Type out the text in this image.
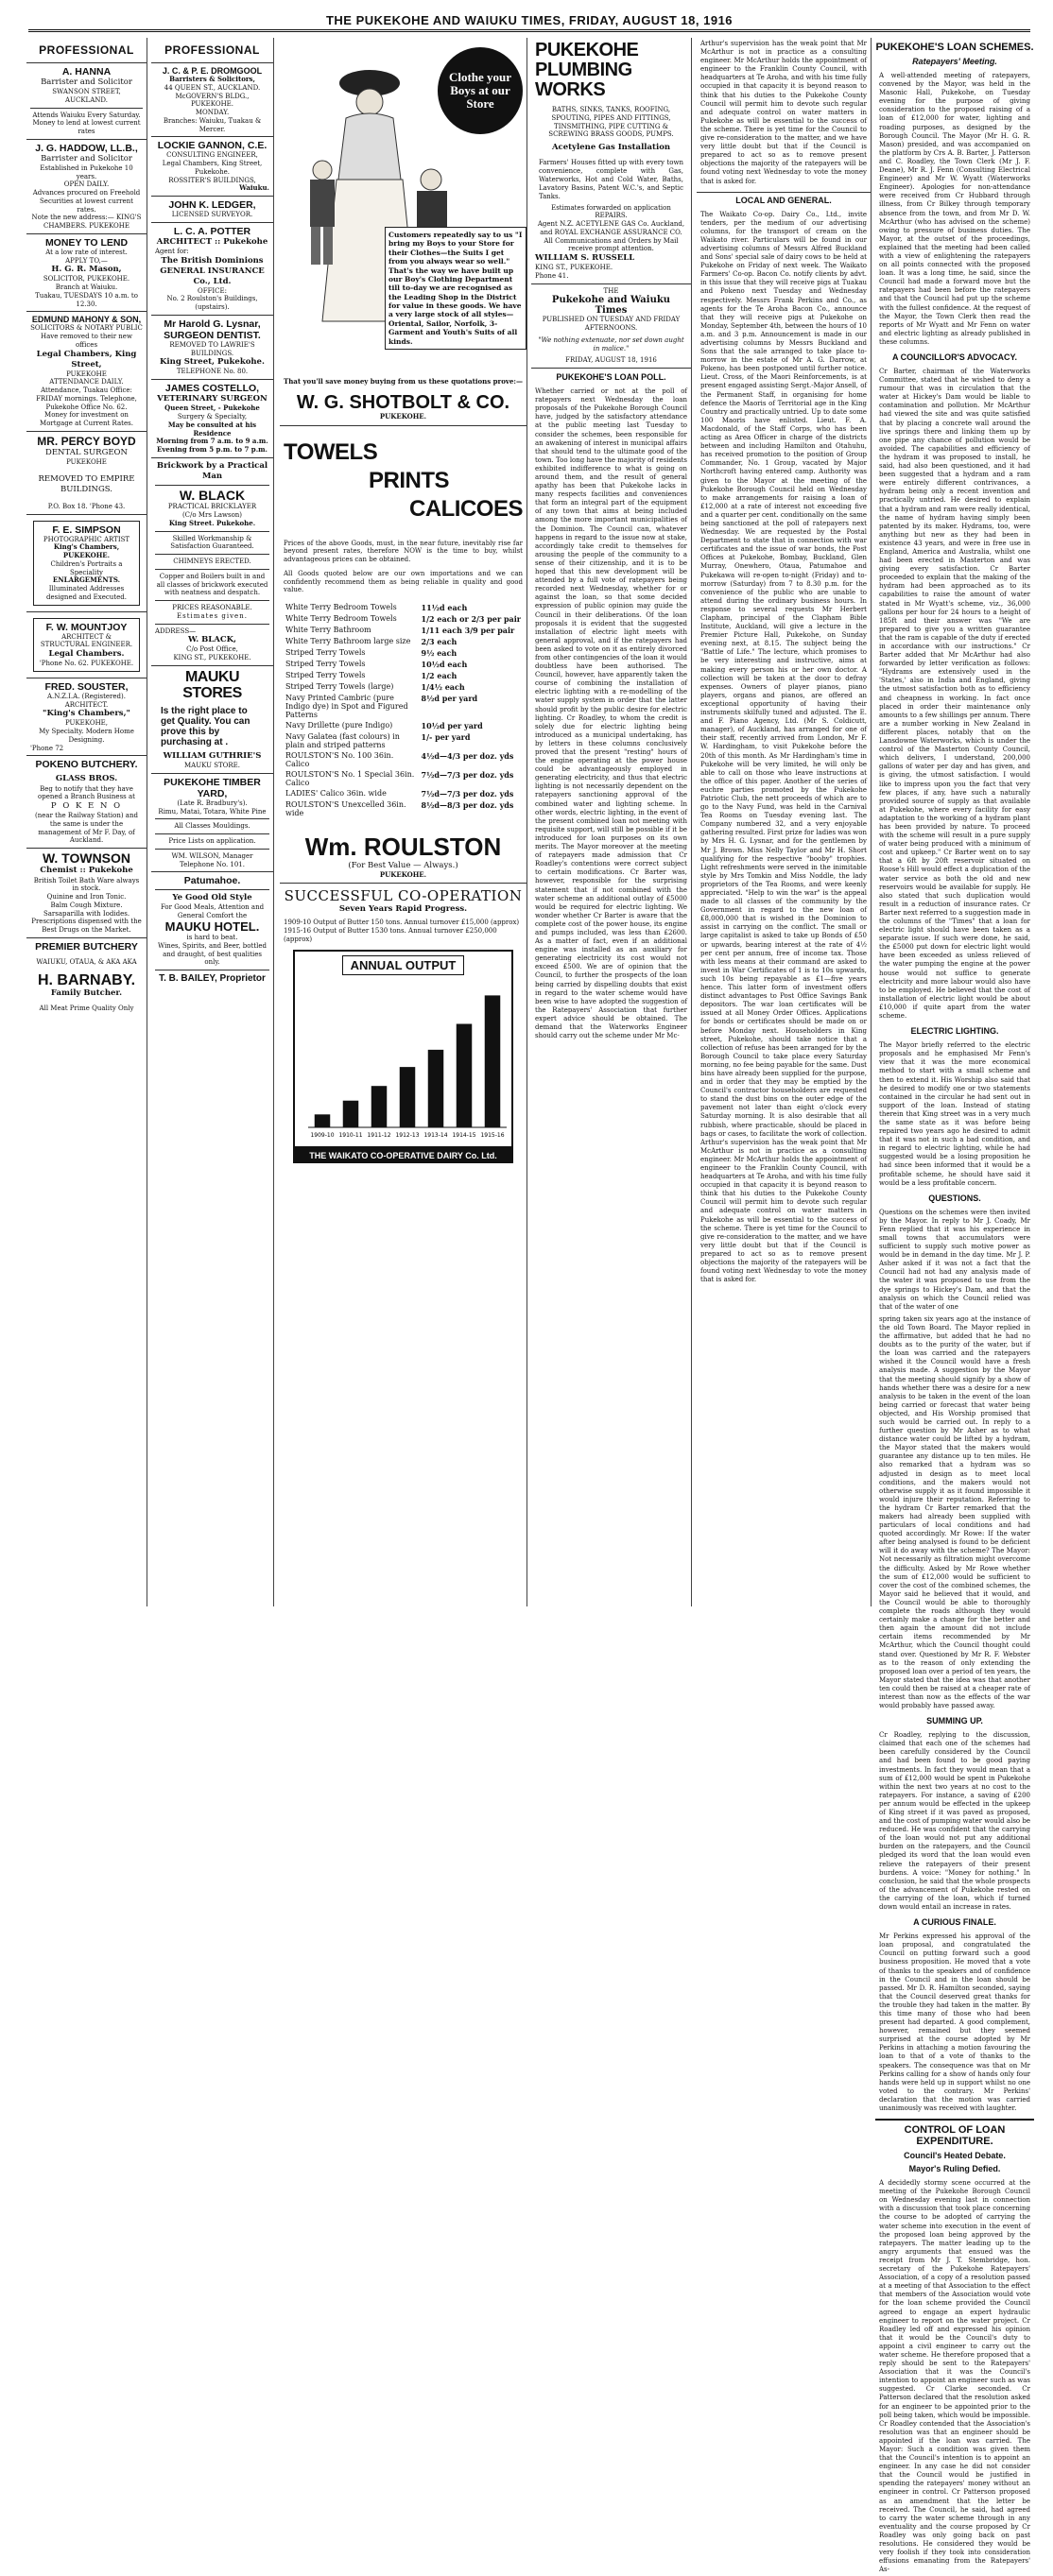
THE PUKEKOHE AND WAIUKU TIMES, FRIDAY, AUGUST 18, 1916
PROFESSIONAL
A. HANNA
Barrister and Solicitor
SWANSON STREET, AUCKLAND.
Attends Waiuku Every Saturday. Money to lend at lowest current rates
J. G. HADDOW, LL.B.,
Barrister and Solicitor
Established in Pukekohe 10 years.
OPEN DAILY.
Advances procured on Freehold Securities at lowest current rates.
Note the new address:— KING'S CHAMBERS. PUKEKOHE
MONEY TO LEND
At a low rate of interest.
APPLY TO,—
H. G. R. Mason,
SOLICITOR, PUKEKOHE.
Branch at Waiuku.
Tuakau, TUESDAYS 10 a.m. to 12.30.
EDMUND MAHONY & SON,
SOLICITORS & NOTARY PUBLIC
Have removed to their new offices
Legal Chambers, King Street,
PUKEKOHE
ATTENDANCE DAILY.
Attendance, Tuakau Office: FRIDAY mornings. Telephone, Pukekohe Office No. 62.
Money for investment on Mortgage at Current Rates.
MR. PERCY BOYD
DENTAL SURGEON
PUKEKOHE
REMOVED TO EMPIRE BUILDINGS.
P.O. Box 18. 'Phone 43.
F. E. SIMPSON
PHOTOGRAPHIC ARTIST
King's Chambers, PUKEKOHE.
Children's Portraits a Speciality
ENLARGEMENTS.
Illuminated Addresses designed and Executed.
F. W. MOUNTJOY
ARCHITECT & STRUCTURAL ENGINEER.
Legal Chambers.
'Phone No. 62. PUKEKOHE.
FRED. SOUSTER,
A.N.Z.I.A. (Registered).
ARCHITECT.
"King's Chambers,"
PUKEKOHE,
My Specialty. Modern Home Designing.
'Phone 72
POKENO BUTCHERY.
GLASS BROS.
Beg to notify that they have opened a Branch Business at
P O K E N O
(near the Railway Station) and the same is under the management of Mr F. Day, of Auckland.
W. TOWNSON
Chemist :: Pukekohe
British Toilet Bath Ware always in stock.
Quinine and Iron Tonic.
Balm Cough Mixture.
Sarsaparilla with Iodides.
Prescriptions dispensed with the Best Drugs on the Market.
PREMIER BUTCHERY
WAIUKU, OTAUA, & AKA AKA
H. BARNABY.
Family Butcher.
All Meat Prime Quality Only
PROFESSIONAL
J. C. & P. E. DROMGOOL
Barristers & Solicitors,
44 QUEEN ST., AUCKLAND.
McGOVERN'S BLDG., PUKEKOHE.
MONDAY.
Branches: Waiuku, Tuakau & Mercer.
LOCKIE GANNON, C.E.
CONSULTING ENGINEER,
Legal Chambers, King Street,
Pukekohe.
ROSSITER'S BUILDINGS,
Waiuku.
JOHN K. LEDGER,
LICENSED SURVEYOR.
L. C. A. POTTER
ARCHITECT :: Pukekohe
Agent for:
The British Dominions GENERAL INSURANCE Co., Ltd.
OFFICE:
No. 2 Roulston's Buildings, (upstairs).
Mr Harold G. Lysnar,
SURGEON DENTIST.
REMOVED TO LAWRIE'S BUILDINGS.
King Street, Pukekohe.
TELEPHONE No. 80.
JAMES COSTELLO,
VETERINARY SURGEON
Queen Street, - Pukekohe
Surgery & Specialty,
May be consulted at his Residence
Morning from 7 a.m. to 9 a.m.
Evening from 5 p.m. to 7 p.m.
Brickwork by a Practical Man
W. BLACK
PRACTICAL BRICKLAYER
(C/o Mrs Lawson)
King Street. Pukekohe.
Skilled Workmanship & Satisfaction Guaranteed.
CHIMNEYS ERECTED.
Copper and Boilers built in and all classes of brickwork executed with neatness and despatch.
PRICES REASONABLE.
Estimates given.
ADDRESS—
W. BLACK,
C/o Post Office,
KING ST., PUKEKOHE.
MAUKU STORES
Is the right place to get Quality. You can prove this by purchasing at .
WILLIAM GUTHRIE'S
MAUKU STORE.
PUKEKOHE TIMBER YARD,
(Late R. Bradbury's).
Rimu, Matai, Totara, White Pine
All Classes Mouldings.
Price Lists on application.
WM. WILSON, Manager
Telephone No. 101.
Patumahoe.
Ye Good Old Style
For Good Meals, Attention and General Comfort the
MAUKU HOTEL.
is hard to beat.
Wines, Spirits, and Beer, bottled and draught, of best qualities only.
T. B. BAILEY, Proprietor
Clothe your Boys at our Store
Customers repeatedly say to us "I bring my Boys to your Store for their Clothes—the Suits I get from you always wear so well." That's the way we have built up our Boy's Clothing Department till to-day we are recognised as the Leading Shop in the District for value in these goods. We have a very large stock of all styles—Oriental, Sailor, Norfolk, 3-Garment and Youth's Suits of all kinds.
That you'll save money buying from us these quotations prove:—
W. G. SHOTBOLT & CO.
PUKEKOHE.
TOWELS
PRINTS
CALICOES
Prices of the above Goods, must, in the near future, inevitably rise far beyond present rates, therefore NOW is the time to buy, whilst advantageous prices can be obtained.
All Goods quoted below are our own importations and we can confidently recommend them as being reliable in quality and good value.
White Terry Bedroom Towels	11½d each
White Terry Bedroom Towels	1/2 each or 2/3 per pair
White Terry Bathroom	1/11 each 3/9 per pair
White Terry Bathroom large size	2/3 each
Striped Terry Towels	9½ each
Striped Terry Towels	10½d each
Striped Terry Towels	1/2 each
Striped Terry Towels (large)	1/4½ each
Navy Printed Cambric (pure Indigo dye) in Spot and Figured Patterns	8½d per yard
Navy Drillette (pure Indigo)	10½d per yard
Navy Galatea (fast colours) in plain and striped patterns	1/- per yard
ROULSTON'S No. 100 36in. Calico	4½d—4/3 per doz. yds
ROULSTON'S No. 1 Special 36in. Calico	7½d—7/3 per doz. yds
LADIES' Calico 36in. wide	7½d—7/3 per doz. yds
ROULSTON'S Unexcelled 36in. wide	8½d—8/3 per doz. yds
Wm. ROULSTON
(For Best Value — Always.)
PUKEKOHE.
SUCCESSFUL CO-OPERATION
Seven Years Rapid Progress.
1909-10 Output of Butter 150 tons. Annual turnover £15,000 (approx)
1915-16 Output of Butter 1530 tons. Annual turnover £250,000 (approx)
ANNUAL OUTPUT
1909-10 1910-11 1911-12 1912-13 1913-14 1914-15 1915-16
THE WAIKATO CO-OPERATIVE DAIRY Co. Ltd.
PUKEKOHE PLUMBING WORKS
BATHS, SINKS, TANKS, ROOFING, SPOUTING, PIPES AND FITTINGS, TINSMITHING, PIPE CUTTING & SCREWING BRASS GOODS, PUMPS.
Acetylene Gas Installation
Farmers' Houses fitted up with every town convenience, complete with Gas, Waterworks, Hot and Cold Water, Baths, Lavatory Basins, Patent W.C.'s, and Septic Tanks.
Estimates forwarded on application REPAIRS.
Agent N.Z. ACETYLENE GAS Co. Auckland, and ROYAL EXCHANGE ASSURANCE CO.
All Communications and Orders by Mail receive prompt attention.
WILLIAM S. RUSSELL
KING ST., PUKEKOHE.
Phone 41.
THE
Pukekohe and Waiuku Times
PUBLISHED ON TUESDAY AND FRIDAY AFTERNOONS.
"We nothing extenuate, nor set down aught in malice."
FRIDAY, AUGUST 18, 1916
PUKEKOHE'S LOAN POLL.
Whether carried or not at the poll of ratepayers next Wednesday the loan proposals of the Pukekohe Borough Council have, judged by the satisfactory attendance at the public meeting last Tuesday to consider the schemes, been responsible for an awakening of interest in municipal affairs that should tend to the ultimate good of the town. Too long have the majority of residents exhibited indifference to what is going on around them, and the result of general apathy has been that Pukekohe lacks in many respects facilities and conveniences that form an integral part of the equipment of any town that aims at being included among the more important municipalities of the Dominion. The Council can, whatever happens in regard to the issue now at stake, accordingly take credit to themselves for arousing the people of the community to a sense of their citizenship, and it is to be hoped that this new development will be attended by a full vote of ratepayers being recorded next Wednesday, whether for or against the loan, so that some decided expression of public opinion may guide the Council in their deliberations. Of the loan proposals it is evident that the suggested installation of electric light meets with general approval, and if the ratepayers had been asked to vote on it as entirely divorced from other contingencies of the loan it would doubtless have been authorised. The Council, however, have apparently taken the course of combining the installation of electric lighting with a re-modelling of the water supply system in order that the latter should profit by the public desire for electric lighting. Cr Roadley, to whom the credit is solely due for electric lighting being introduced as a municipal undertaking, has by letters in these columns conclusively proved that the present "resting" hours of the engine operating at the power house could be advantageously employed in generating electricity, and thus that electric lighting is not necessarily dependent on the ratepayers sanctioning approval of the combined water and lighting scheme. In other words, electric lighting, in the event of the present combined loan not meeting with requisite support, will still be possible if it be introduced for loan purposes on its own merits. The Mayor moreover at the meeting of ratepayers made admission that Cr Roadley's contentions were correct subject to certain modifications. Cr Barter was, however, responsible for the surprising statement that if not combined with the water scheme an additional outlay of £5000 would be required for electric lighting. We wonder whether Cr Barter is aware that the complete cost of the power house, its engine and pumps included, was less than £2600. As a matter of fact, even if an additional engine was installed as an auxiliary for generating electricity its cost would not exceed £500. We are of opinion that the Council, to further the prospects of the loan being carried by dispelling doubts that exist in regard to the water scheme would have been wise to have adopted the suggestion of the Ratepayers' Association that further expert advice should be obtained. The demand that the Waterworks Engineer should carry out the scheme under Mr Mc-
Arthur's supervision has the weak point that Mr McArthur is not in practice as a consulting engineer. Mr McArthur holds the appointment of engineer to the Franklin County Council, with headquarters at Te Aroha, and with his time fully occupied in that capacity it is beyond reason to think that his duties to the Pukekohe County Council will permit him to devote such regular and adequate control on water matters in Pukekohe as will be essential to the success of the scheme. There is yet time for the Council to give re-consideration to the matter, and we have very little doubt but that if the Council is prepared to act so as to remove present objections the majority of the ratepayers will be found voting next Wednesday to vote the money that is asked for.
LOCAL AND GENERAL.
The Waikato Co-op. Dairy Co., Ltd., invite tenders, per the medium of our advertising columns, for the transport of cream on the Waikato river. Particulars will be found in our advertising columns of Messrs Alfred Buckland and Sons' special sale of dairy cows to be held at Pukekohe on Friday of next week. The Waikato Farmers' Co-op. Bacon Co. notify clients by advt. in this issue that they will receive pigs at Tuakau and Pokeno next Tuesday and Wednesday respectively. Messrs Frank Perkins and Co., as agents for the Te Aroha Bacon Co., announce that they will receive pigs at Pukekohe on Monday, September 4th, between the hours of 10 a.m. and 3 p.m. Announcement is made in our advertising columns by Messrs Buckland and Sons that the sale arranged to take place to-morrow in the estate of Mr A. G. Darrow, at Pokeno, has been postponed until further notice. Lieut. Cross, of the Maori Reinforcements, is at present engaged assisting Sergt.-Major Ansell, of the Permanent Staff, in organising for home defence the Maoris of Territorial age in the King Country and practically untried. Up to date some 100 Maoris have enlisted. Lieut. F. A. Macdonald, of the Staff Corps, who has been acting as Area Officer in charge of the districts between and including Hamilton and Otahuhu, has received promotion to the position of Group Commander, No. 1 Group, vacated by Major Northcroft having entered camp. Authority was given to the Mayor at the meeting of the Pukekohe Borough Council held on Wednesday to make arrangements for raising a loan of £12,000 at a rate of interest not exceeding five and a quarter per cent. conditionally on the same being sanctioned at the poll of ratepayers next Wednesday. We are requested by the Postal Department to state that in connection with war certificates and the issue of war bonds, the Post Offices at Pukekohe, Bombay, Buckland, Glen Murray, Onewhero, Otaua, Patumahoe and Pukekawa will re-open to-night (Friday) and to-morrow (Saturday) from 7 to 8.30 p.m. for the convenience of the public who are unable to attend during the ordinary business hours. In response to several requests Mr Herbert Clapham, principal of the Clapham Bible Institute, Auckland, will give a lecture in the Premier Picture Hall, Pukekohe, on Sunday evening next, at 8.15. The subject being the "Battle of Life." The lecture, which promises to be very interesting and instructive, aims at making every person his or her own doctor. A collection will be taken at the door to defray expenses. Owners of player pianos, piano players, organs and pianos, are offered an exceptional opportunity of having their instruments skilfully tuned and adjusted. The E. and F. Piano Agency, Ltd. (Mr S. Coldicutt, manager), of Auckland, has arranged for one of their staff, recently arrived from London, Mr F. W. Hardingham, to visit Pukekohe before the 20th of this month. As Mr Hardingham's time in Pukekohe will be very limited, he will only be able to call on those who leave instructions at the office of this paper. Another of the series of euchre parties promoted by the Pukekohe Patriotic Club, the nett proceeds of which are to go to the Navy Fund, was held in the Carnival Tea Rooms on Tuesday evening last. The Company numbered 32, and a very enjoyable gathering resulted. First prize for ladies was won by Mrs H. G. Lysnar, and for the gentlemen by Mr J. Brown. Miss Nelly Taylor and Mr H. Short qualifying for the respective "booby" trophies. Light refreshments were served in the inimitable style by Mrs Tomkin and Miss Noddle, the lady proprietors of the Tea Rooms, and were keenly appreciated. "Help to win the war" is the appeal made to all classes of the community by the Government in regard to the new loan of £8,000,000 that is wished in the Dominion to assist in carrying on the conflict. The small or large capitalist is asked to take up Bonds of £50 or upwards, bearing interest at the rate of 4½ per cent per annum, free of income tax. Those with less means at their command are asked to invest in War Certificates of 1 is to 10s upwards, such 10s being repayable as £1—five years hence. This latter form of investment offers distinct advantages to Post Office Savings Bank depositors. The war loan certificates will be issued at all Money Order Offices. Applications for bonds or certificates should be made on or before Monday next. Householders in King street, Pukekohe, should take notice that a collection of refuse has been arranged for by the Borough Council to take place every Saturday morning, no fee being payable for the same. Dust bins have already been supplied for the purpose, and in order that they may be emptied by the Council's contractor householders are requested to stand the dust bins on the outer edge of the pavement not later than eight o'clock every Saturday morning. It is also desirable that all rubbish, where practicable, should be placed in bags or cases, to facilitate the work of collection. Arthur's supervision has the weak point that Mr McArthur is not in practice as a consulting engineer. Mr McArthur holds the appointment of engineer to the Franklin County Council, with headquarters at Te Aroha, and with his time fully occupied in that capacity it is beyond reason to think that his duties to the Pukekohe County Council will permit him to devote such regular and adequate control on water matters in Pukekohe as will be essential to the success of the scheme. There is yet time for the Council to give re-consideration to the matter, and we have very little doubt but that if the Council is prepared to act so as to remove present objections the majority of the ratepayers will be found voting next Wednesday to vote the money that is asked for.
PUKEKOHE'S LOAN SCHEMES.
Ratepayers' Meeting.
A well-attended meeting of ratepayers, convened by the Mayor, was held in the Masonic Hall, Pukekohe, on Tuesday evening for the purpose of giving consideration to the proposed raising of a loan of £12,000 for water, lighting and roading purposes, as designed by the Borough Council. The Mayor (Mr H. G. R. Mason) presided, and was accompanied on the platform by Crs A. B. Barter, J. Patterson and C. Roadley, the Town Clerk (Mr J. F. Deane), Mr R. J. Fenn (Consulting Electrical Engineer) and Mr W. Wyatt (Waterworks Engineer). Apologies for non-attendance were received from Cr Hubbard through illness, from Cr Bilkey through temporary absence from the town, and from Mr D. W. McArthur (who has advised on the scheme) owing to pressure of business duties. The Mayor, at the outset of the proceedings, explained that the meeting had been called with a view of enlightening the ratepayers on all points connected with the proposed loan. It was a long time, he said, since the Council had made a forward move but the ratepayers had been before the ratepayers and that the Council had put up the scheme with the fullest confidence. At the request of the Mayor, the Town Clerk then read the reports of Mr Wyatt and Mr Fenn on water and electric lighting as already published in these columns.
A COUNCILLOR'S ADVOCACY.
Cr Barter, chairman of the Waterworks Committee, stated that he wished to deny a rumour that was in circulation that the water at Hickey's Dam would be liable to contamination and pollution. Mr McArthur had viewed the site and was quite satisfied that by placing a concrete wall around the live springs there and linking them up by one pipe any chance of pollution would be avoided. The capabilities and efficiency of the hydram it was proposed to install, he said, had also been questioned, and it had been suggested that a hydram and a ram were entirely different contrivances, a hydram being only a recent invention and practically untried. He desired to explain that a hydram and ram were really identical, the name of hydram having simply been patented by its maker. Hydrams, too, were anything but new as they had been in existence 43 years, and were in free use in England, America and Australia, whilst one had been erected in Masterton and was giving every satisfaction. Cr Barter proceeded to explain that the making of the hydram had been approached as to its capabilities to raise the amount of water stated in Mr Wyatt's scheme, viz., 36,000 gallons per hour for 24 hours to a height of 185ft and their answer was "We are prepared to give you a written guarantee that the ram is capable of the duty if erected in accordance with our instructions." Cr Barter added that Mr McArthur had also forwarded by letter verification as follows: "Hydrams are extensively used in the 'States,' also in India and England, giving the utmost satisfaction both as to efficiency and cheapness in working. In fact once placed in order their maintenance only amounts to a few shillings per annum. There are a number working in New Zealand in different places, notably that on the Lansdowne Waterworks, which is under the control of the Masterton County Council, which delivers, I understand, 200,000 gallons of water per day and has given, and is giving, the utmost satisfaction. I would like to impress upon you the fact that very few places, if any, have such a naturally provided source of supply as that available at Pukekohe, where every facility for easy adaptation to the working of a hydram plant has been provided by nature. To proceed with the scheme will result in a pure supply of water being produced with a minimum of cost and upkeep." Cr Barter went on to say that a 6ft by 20ft reservoir situated on Roose's Hill would effect a duplication of the water service as both the old and new reservoirs would be available for supply. He also stated that such duplication would result in a reduction of insurance rates. Cr Barter next referred to a suggestion made in the columns of the "Times" that a loan for electric light should have been taken as a separate issue. If such were done, he said, the £5000 put down for electric light would have been exceeded as unless relieved of the water pumping the engine at the power house would not suffice to generate electricity and more labour would also have to be employed. He believed that the cost of installation of electric light would be about £10,000 if quite apart from the water scheme.
ELECTRIC LIGHTING.
The Mayor briefly referred to the electric proposals and he emphasised Mr Fenn's view that it was the more economical method to start with a small scheme and then to extend it. His Worship also said that he desired to modify one or two statements contained in the circular he had sent out in support of the loan. Instead of stating therein that King street was in a very much the same state as it was before being repaired two years ago he desired to admit that it was not in such a bad condition, and in regard to electric lighting, while he had suggested would be a losing proposition he had since been informed that it would be a profitable scheme, he should have said it would be a less profitable concern.
QUESTIONS.
Questions on the schemes were then invited by the Mayor. In reply to Mr J. Coady, Mr Fenn replied that it was his experience in small towns that accumulators were sufficient to supply such motive power as would be in demand in the day time. Mr J. P. Asher asked if it was not a fact that the Council had not had any analysis made of the water it was proposed to use from the dye springs to Hickey's Dam, and that the analysis on which the Council relied was that of the water of one
spring taken six years ago at the instance of the old Town Board. The Mayor replied in the affirmative, but added that he had no doubts as to the purity of the water, but if the loan was carried and the ratepayers wished it the Council would have a fresh analysis made. A suggestion by the Mayor that the meeting should signify by a show of hands whether there was a desire for a new analysis to be taken in the event of the loan being carried or forecast that water being objected, and His Worship promised that such would be carried out. In reply to a further question by Mr Asher as to what distance water could be lifted by a hydram, the Mayor stated that the makers would guarantee any distance up to ten miles. He also remarked that a hydram was so adjusted in design as to meet local conditions, and the makers would not otherwise supply it as it found impossible it would injure their reputation. Referring to the hydram Cr Barter remarked that the makers had already been supplied with particulars of local conditions and had quoted accordingly. Mr Rowe: If the water after being analysed is found to be deficient will it do away with the scheme? The Mayor: Not necessarily as filtration might overcome the difficulty. Asked by Mr Rowe whether the sum of £12,000 would be sufficient to cover the cost of the combined schemes, the Mayor said he believed that it would, and the Council would be able to thoroughly complete the roads although they would certainly make a change for the better and then again the amount did not include certain items recommended by Mr McArthur, which the Council thought could stand over. Questioned by Mr R. F. Webster as to the reason of only extending the proposed loan over a period of ten years, the Mayor stated that the idea was that another ten could then be raised at a cheaper rate of interest than now as the effects of the war would probably have passed away.
SUMMING UP.
Cr Roadley, replying to the discussion, claimed that each one of the schemes had been carefully considered by the Council and had been found to be good paying investments. In fact they would mean that a sum of £12,000 would be spent in Pukekohe within the next two years at no cost to the ratepayers. For instance, a saving of £200 per annum would be effected in the upkeep of King street if it was paved as proposed, and the cost of pumping water would also be reduced. He was confident that the carrying of the loan would not put any additional burden on the ratepayers, and the Council pledged its word that the loan would even relieve the ratepayers of their present burdens. A voice: "Money for nothing." In conclusion, he said that the whole prospects of the advancement of Pukekohe rested on the carrying of the loan, which if turned down would entail an increase in rates.
A CURIOUS FINALE.
Mr Perkins expressed his approval of the loan proposal, and congratulated the Council on putting forward such a good business proposition. He moved that a vote of thanks to the speakers and of confidence in the Council and in the loan should be passed. Mr D. R. Hamilton seconded, saying that the Council deserved great thanks for the trouble they had taken in the matter. By this time many of those who had been present had departed. A good complement, however, remained but they seemed surprised at the course adopted by Mr Perkins in attaching a motion favouring the loan to that of a vote of thanks to the speakers. The consequence was that on Mr Perkins calling for a show of hands only four hands were held up in support whilst no one voted to the contrary. Mr Perkins' declaration that the motion was carried unanimously was received with laughter.
CONTROL OF LOAN EXPENDITURE.
Council's Heated Debate.
Mayor's Ruling Defied.
A decidedly stormy scene occurred at the meeting of the Pukekohe Borough Council on Wednesday evening last in connection with a discussion that took place concerning the course to be adopted of carrying the water scheme into execution in the event of the proposed loan being approved by the ratepayers. The matter leading up to the angry arguments that ensued was the receipt from Mr J. T. Stembridge, hon. secretary of the Pukekohe Ratepayers' Association, of a copy of a resolution passed at a meeting of that Association to the effect that members of the Association would vote for the loan scheme provided the Council agreed to engage an expert hydraulic engineer to report on the water project. Cr Roadley led off and expressed his opinion that it would be the Council's duty to appoint a civil engineer to carry out the water scheme. He therefore proposed that a reply should be sent to the Ratepayers' Association that it was the Council's intention to appoint an engineer such as was suggested. Cr Clarke seconded. Cr Patterson declared that the resolution asked for an engineer to be appointed prior to the poll being taken, which would be impossible. Cr Roadley contended that the Association's resolution was that an engineer should be appointed if the loan was carried. The Mayor: Such a condition was given them that the Council's intention is to appoint an engineer. In any case he did not consider that the Council would be justified in spending the ratepayers' money without an engineer in control. Cr Patterson proposed as an amendment that the letter be received. The Council, he said, had agreed to carry the water scheme through in any eventuality and the course proposed by Cr Roadley was only going back on past resolutions. He considered they would be very foolish if they took into consideration effusions emanating from the Ratepayers' As-
